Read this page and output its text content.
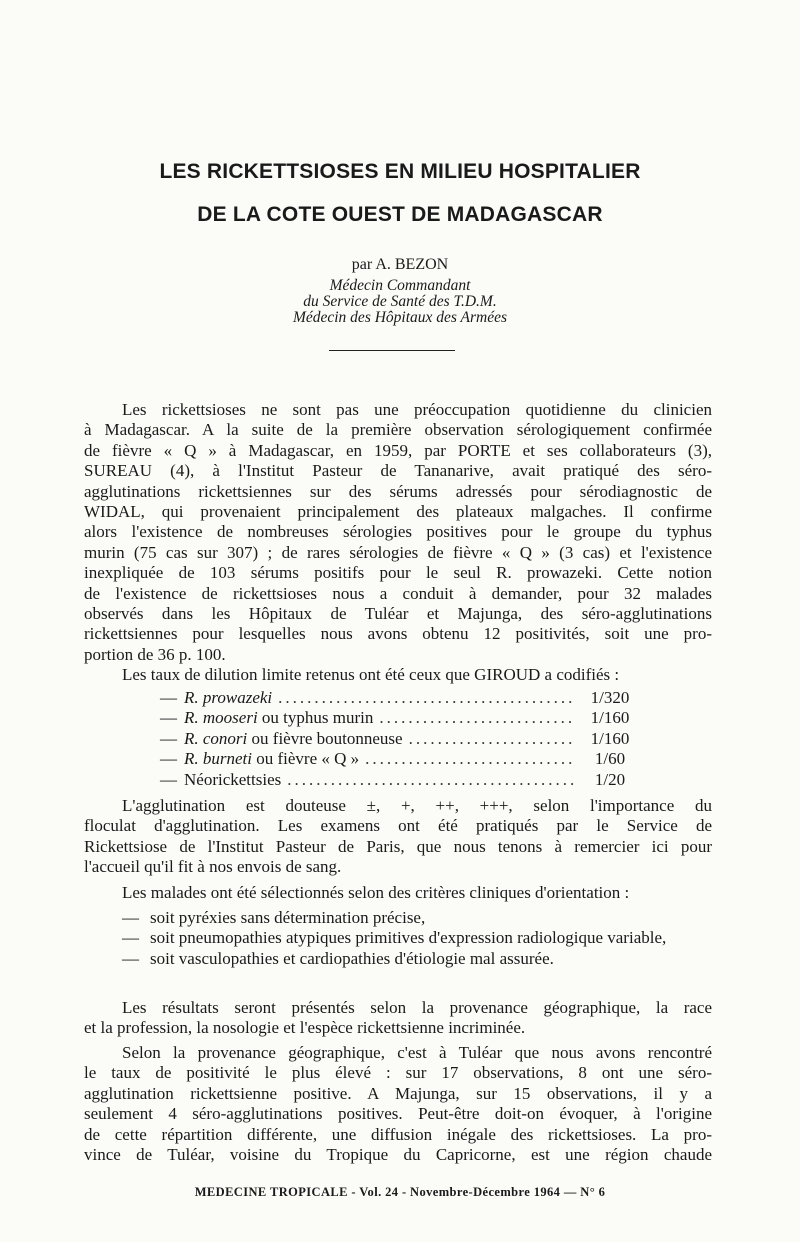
LES RICKETTSIOSES EN MILIEU HOSPITALIER
DE LA COTE OUEST DE MADAGASCAR
par A. BEZON
Médecin Commandant
du Service de Santé des T.D.M.
Médecin des Hôpitaux des Armées
Les rickettsioses ne sont pas une préoccupation quotidienne du clinicien
à Madagascar. A la suite de la première observation sérologiquement confirmée
de fièvre « Q » à Madagascar, en 1959, par PORTE et ses collaborateurs (3),
SUREAU (4), à l'Institut Pasteur de Tananarive, avait pratiqué des séro-
agglutinations rickettsiennes sur des sérums adressés pour sérodiagnostic de
WIDAL, qui provenaient principalement des plateaux malgaches. Il confirme
alors l'existence de nombreuses sérologies positives pour le groupe du typhus
murin (75 cas sur 307) ; de rares sérologies de fièvre « Q » (3 cas) et l'existence
inexpliquée de 103 sérums positifs pour le seul R. prowazeki. Cette notion
de l'existence de rickettsioses nous a conduit à demander, pour 32 malades
observés dans les Hôpitaux de Tuléar et Majunga, des séro-agglutinations
rickettsiennes pour lesquelles nous avons obtenu 12 positivités, soit une pro-
portion de 36 p. 100.
Les taux de dilution limite retenus ont été ceux que GIROUD a codifiés :
— R. prowazeki .....	1/320
— R. mooseri ou typhus murin .....	1/160
— R. conori ou fièvre boutonneuse .....	1/160
— R. burneti ou fièvre « Q » .....	1/60
— Néorickettsies .....	1/20
L'agglutination est douteuse ±, +, ++, +++, selon l'importance du
floculat d'agglutination. Les examens ont été pratiqués par le Service de
Rickettsiose de l'Institut Pasteur de Paris, que nous tenons à remercier ici pour
l'accueil qu'il fit à nos envois de sang.
Les malades ont été sélectionnés selon des critères cliniques d'orientation :
— soit pyréxies sans détermination précise,
— soit pneumopathies atypiques primitives d'expression radiologique variable,
— soit vasculopathies et cardiopathies d'étiologie mal assurée.
Les résultats seront présentés selon la provenance géographique, la race
et la profession, la nosologie et l'espèce rickettsienne incriminée.
Selon la provenance géographique, c'est à Tuléar que nous avons rencontré
le taux de positivité le plus élevé : sur 17 observations, 8 ont une séro-
agglutination rickettsienne positive. A Majunga, sur 15 observations, il y a
seulement 4 séro-agglutinations positives. Peut-être doit-on évoquer, à l'origine
de cette répartition différente, une diffusion inégale des rickettsioses. La pro-
vince de Tuléar, voisine du Tropique du Capricorne, est une région chaude
MEDECINE TROPICALE - Vol. 24 - Novembre-Décembre 1964 — N° 6
